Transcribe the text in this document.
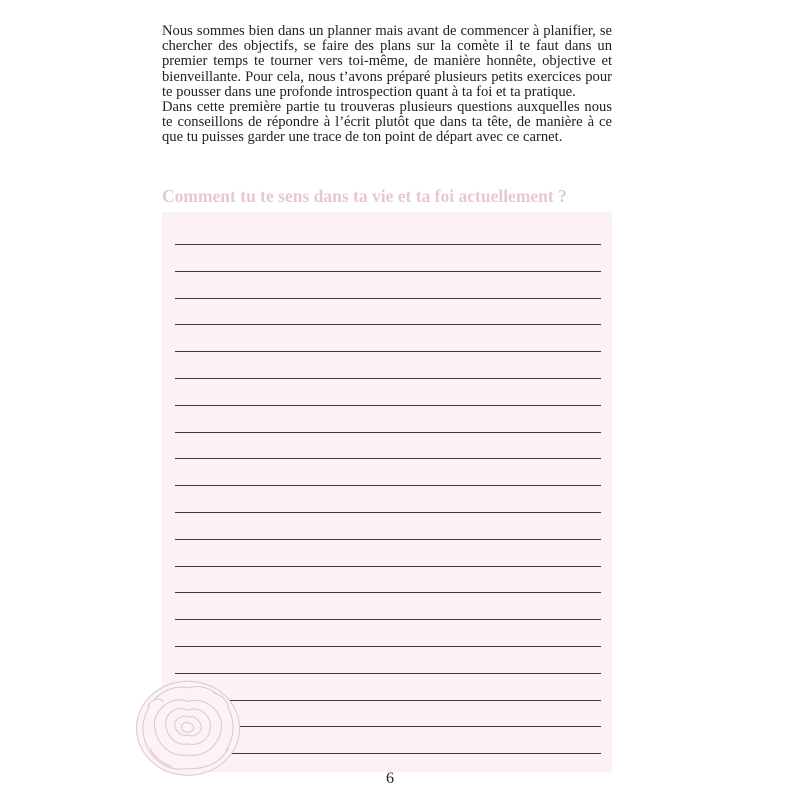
Nous sommes bien dans un planner mais avant de commencer à planifier, se chercher des objectifs, se faire des plans sur la comète il te faut dans un premier temps te tourner vers toi-même, de manière honnête, objective et bienveillante. Pour cela, nous t’avons préparé plusieurs petits exercices pour te pousser dans une profonde introspection quant à ta foi et ta pratique.

Dans cette première partie tu trouveras plusieurs questions auxquelles nous te conseillons de répondre à l’écrit plutôt que dans ta tête, de manière à ce que tu puisses garder une trace de ton point de départ avec ce carnet.

Comment tu te sens dans ta vie et ta foi actuellement ?
6
